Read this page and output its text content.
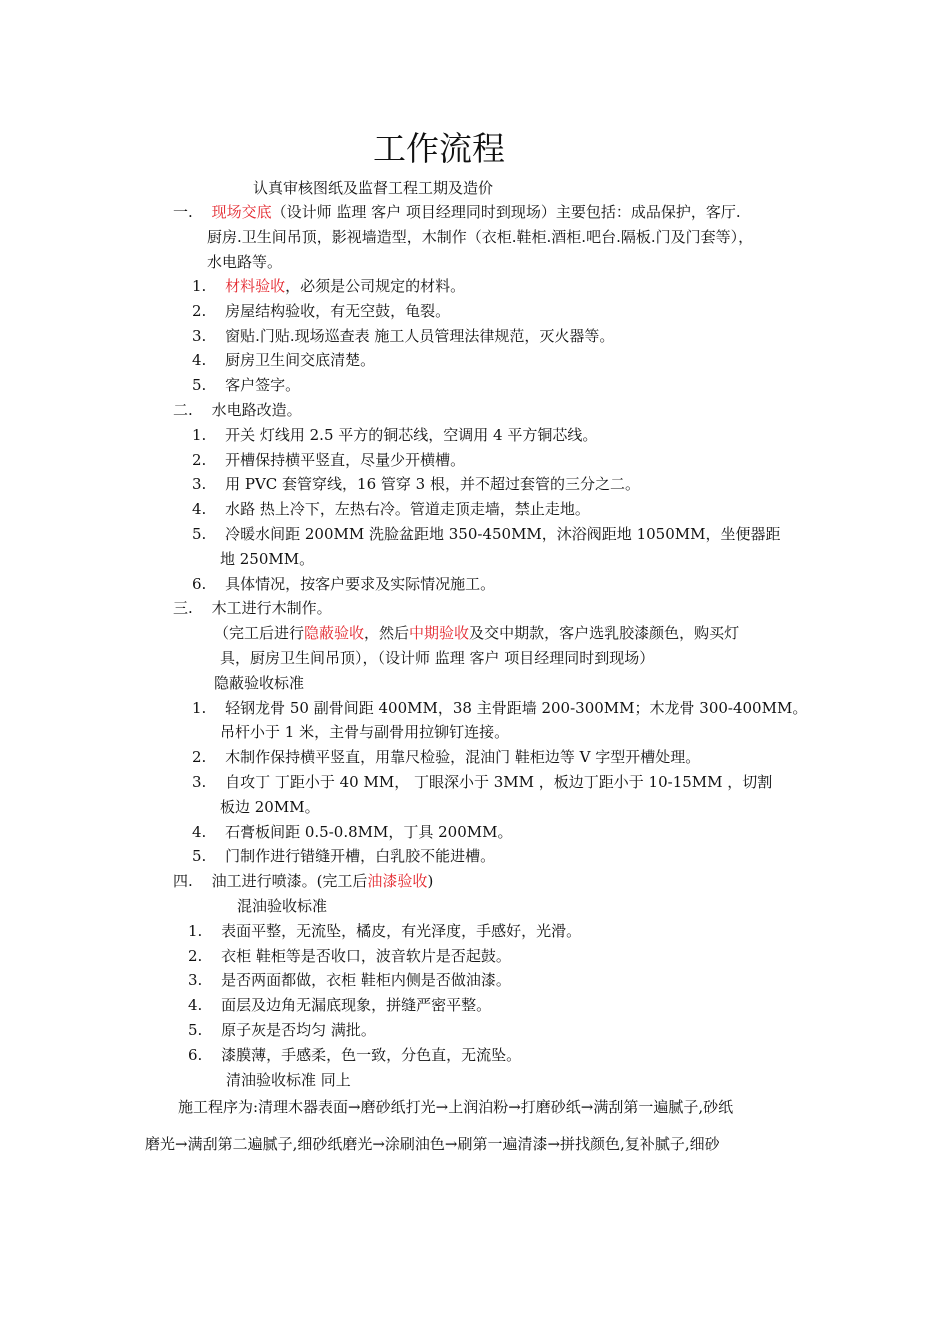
工作流程
认真审核图纸及监督工程工期及造价
一. 现场交底（设计师 监理 客户 项目经理同时到现场）主要包括：成品保护，客厅.
厨房.卫生间吊顶，影视墙造型，木制作（衣柜.鞋柜.酒柜.吧台.隔板.门及门套等），
水电路等。
1. 材料验收，必须是公司规定的材料。
2. 房屋结构验收，有无空鼓，龟裂。
3. 窗贴.门贴.现场巡查表 施工人员管理法律规范，灭火器等。
4. 厨房卫生间交底清楚。
5. 客户签字。
二. 水电路改造。
1. 开关 灯线用 2.5 平方的铜芯线，空调用 4 平方铜芯线。
2. 开槽保持横平竖直，尽量少开横槽。
3. 用 PVC 套管穿线，16 管穿 3 根，并不超过套管的三分之二。
4. 水路 热上冷下，左热右冷。管道走顶走墙，禁止走地。
5. 冷暖水间距 200MM 洗脸盆距地 350-450MM，沐浴阀距地 1050MM，坐便器距
地 250MM。
6. 具体情况，按客户要求及实际情况施工。
三. 木工进行木制作。
（完工后进行隐蔽验收，然后中期验收及交中期款，客户选乳胶漆颜色，购买灯
具，厨房卫生间吊顶），（设计师 监理 客户 项目经理同时到现场）
隐蔽验收标准
1. 轻钢龙骨 50 副骨间距 400MM，38 主骨距墙 200-300MM；木龙骨 300-400MM。
吊杆小于 1 米，主骨与副骨用拉铆钉连接。
2. 木制作保持横平竖直，用靠尺检验，混油门 鞋柜边等 V 字型开槽处理。
3. 自攻丁 丁距小于 40 MM， 丁眼深小于 3MM ，板边丁距小于 10-15MM ，切割
板边 20MM。
4. 石膏板间距 0.5-0.8MM，丁具 200MM。
5. 门制作进行错缝开槽，白乳胶不能进槽。
四. 油工进行喷漆。(完工后油漆验收)
混油验收标准
1. 表面平整，无流坠，橘皮，有光泽度，手感好，光滑。
2. 衣柜 鞋柜等是否收口，波音软片是否起鼓。
3. 是否两面都做，衣柜 鞋柜内侧是否做油漆。
4. 面层及边角无漏底现象，拼缝严密平整。
5. 原子灰是否均匀 满批。
6. 漆膜薄，手感柔，色一致，分色直，无流坠。
清油验收标准 同上
施工程序为:清理木器表面→磨砂纸打光→上润泊粉→打磨砂纸→满刮第一遍腻子,砂纸
磨光→满刮第二遍腻子,细砂纸磨光→涂刷油色→刷第一遍清漆→拼找颜色,复补腻子,细砂
